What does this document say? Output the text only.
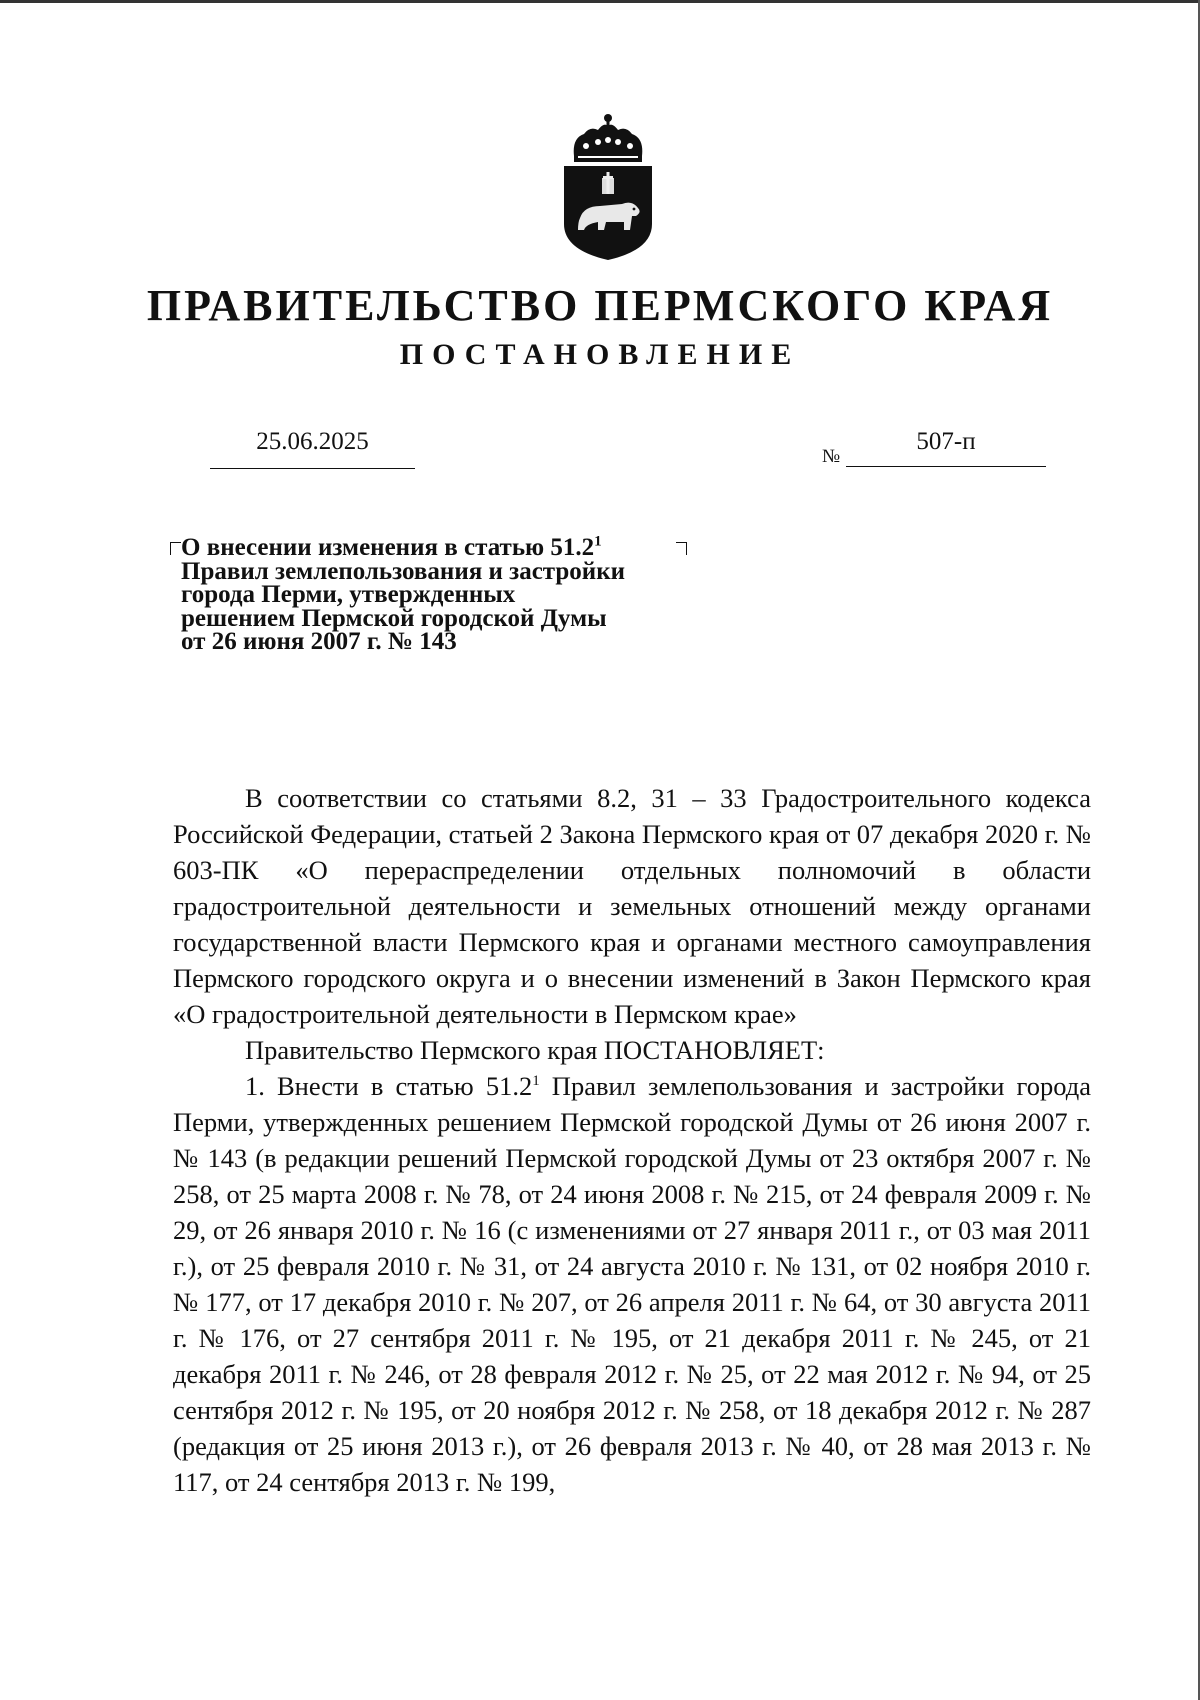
ПРАВИТЕЛЬСТВО ПЕРМСКОГО КРАЯ
ПОСТАНОВЛЕНИЕ
25.06.2025
№
507-п
О внесении изменения в статью 51.2$^1$
Правил землепользования и застройки
города Перми, утвержденных
решением Пермской городской Думы
от 26 июня 2007 г. № 143

В соответствии со статьями 8.2, 31 – 33 Градостроительного кодекса Российской Федерации, статьей 2 Закона Пермского края от 07 декабря 2020 г. № 603-ПК «О перераспределении отдельных полномочий в области градостроительной деятельности и земельных отношений между органами государственной власти Пермского края и органами местного самоуправления Пермского городского округа и о внесении изменений в Закон Пермского края «О градостроительной деятельности в Пермском крае»

Правительство Пермского края ПОСТАНОВЛЯЕТ:

1. Внести в статью 51.2$^1$ Правил землепользования и застройки города Перми, утвержденных решением Пермской городской Думы от 26 июня 2007 г. № 143 (в редакции решений Пермской городской Думы от 23 октября 2007 г. № 258, от 25 марта 2008 г. № 78, от 24 июня 2008 г. № 215, от 24 февраля 2009 г. № 29, от 26 января 2010 г. № 16 (с изменениями от 27 января 2011 г., от 03 мая 2011 г.), от 25 февраля 2010 г. № 31, от 24 августа 2010 г. № 131, от 02 ноября 2010 г. № 177, от 17 декабря 2010 г. № 207, от 26 апреля 2011 г. № 64, от 30 августа 2011 г. № 176, от 27 сентября 2011 г. № 195, от 21 декабря 2011 г. № 245, от 21 декабря 2011 г. № 246, от 28 февраля 2012 г. № 25, от 22 мая 2012 г. № 94, от 25 сентября 2012 г. № 195, от 20 ноября 2012 г. № 258, от 18 декабря 2012 г. № 287 (редакция от 25 июня 2013 г.), от 26 февраля 2013 г. № 40, от 28 мая 2013 г. № 117, от 24 сентября 2013 г. № 199,
